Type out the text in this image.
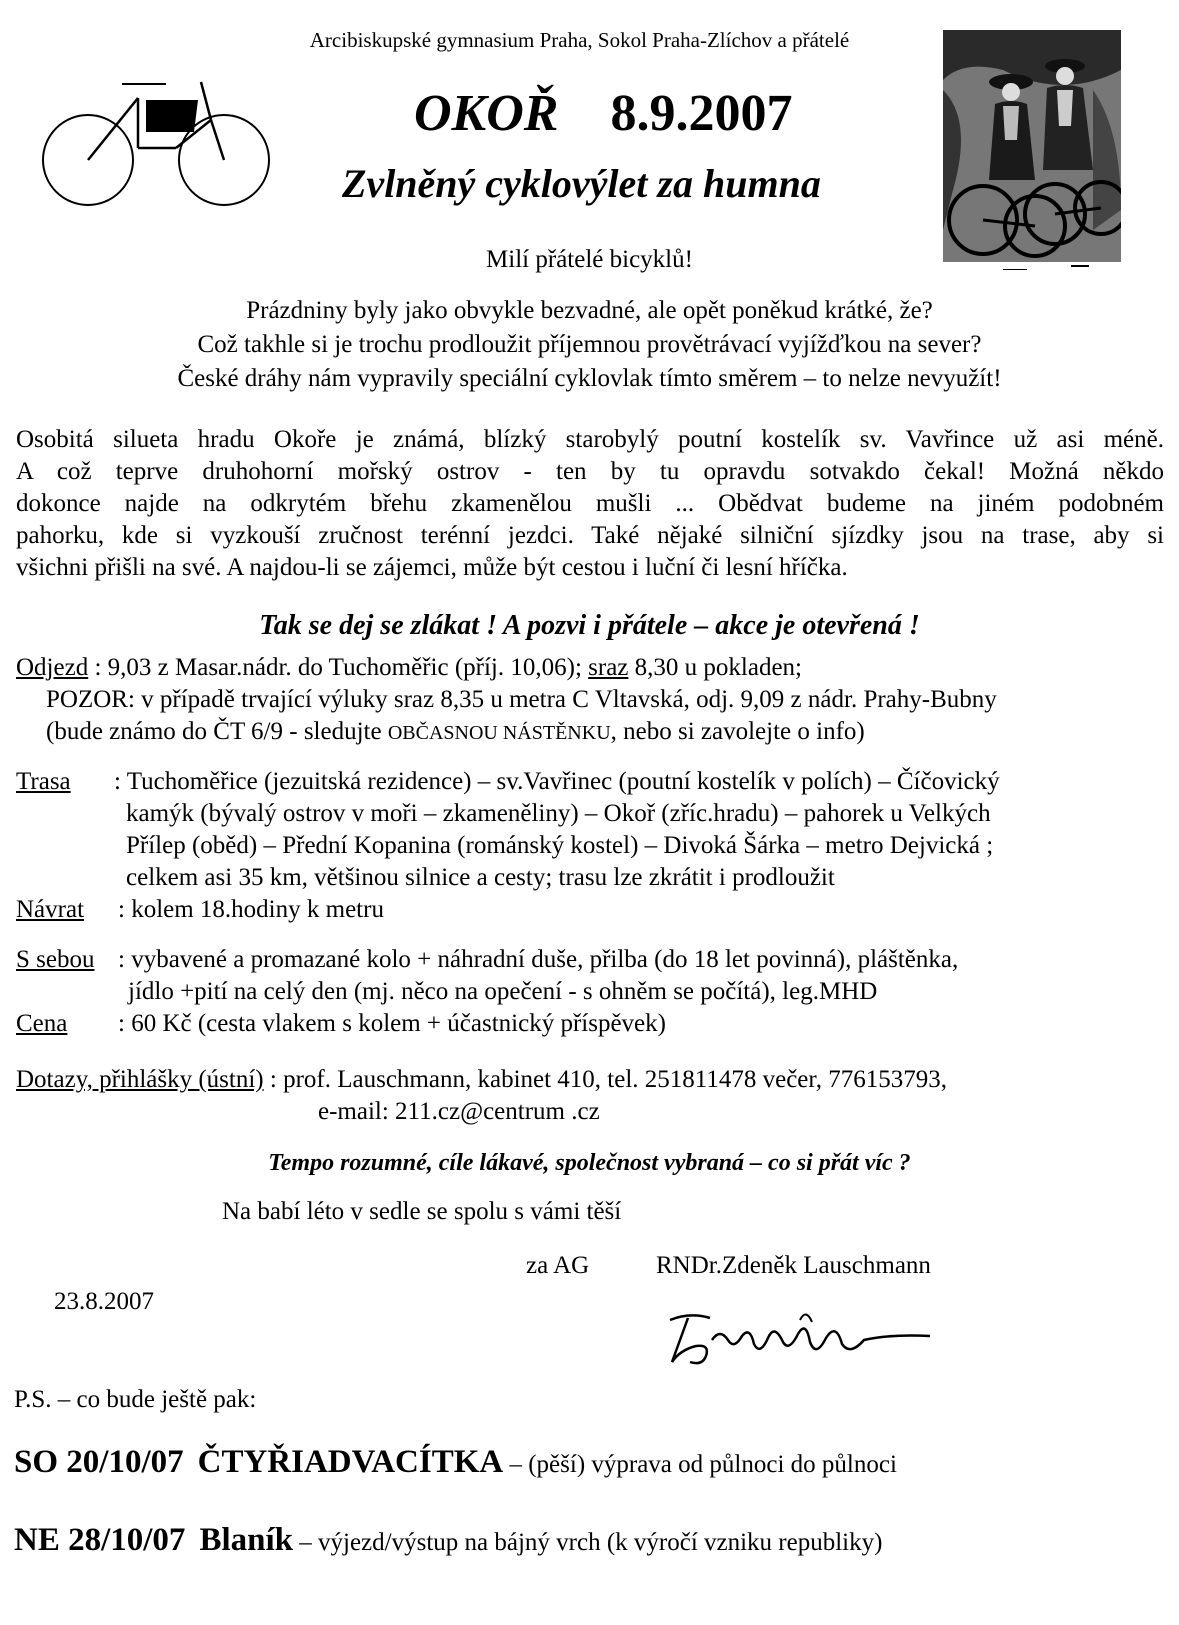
Arcibiskupské gymnasium Praha, Sokol Praha-Zlíchov a přátelé
OKOŘ 8.9.2007
Zvlněný cyklovýlet za humna
Milí přátelé bicyklů!
Prázdniny byly jako obvykle bezvadné, ale opět poněkud krátké, že?
Což takhle si je trochu prodloužit příjemnou provětrávací vyjížďkou na sever?
České dráhy nám vypravily speciální cyklovlak tímto směrem – to nelze nevyužít!
Osobitá silueta hradu Okoře je známá, blízký starobylý poutní kostelík sv. Vavřince už asi méně.
A což teprve druhohorní mořský ostrov - ten by tu opravdu sotvakdo čekal! Možná někdo
dokonce najde na odkrytém břehu zkamenělou mušli ... Obědvat budeme na jiném podobném
pahorku, kde si vyzkouší zručnost terénní jezdci. Také nějaké silniční sjízdky jsou na trase, aby si
všichni přišli na své. A najdou-li se zájemci, může být cestou i luční či lesní hříčka.
Tak se dej se zlákat ! A pozvi i přátele – akce je otevřená !
Odjezd : 9,03 z Masar.nádr. do Tuchoměřic (příj. 10,06); sraz 8,30 u pokladen;
POZOR: v případě trvající výluky sraz 8,35 u metra C Vltavská, odj. 9,09 z nádr. Prahy-Bubny
(bude známo do ČT 6/9 - sledujte OBČASNOU NÁSTĚNKU, nebo si zavolejte o info)
Trasa : Tuchoměřice (jezuitská rezidence) – sv.Vavřinec (poutní kostelík v polích) – Číčovický
kamýk (bývalý ostrov v moři – zkameněliny) – Okoř (zříc.hradu) – pahorek u Velkých
Přílep (oběd) – Přední Kopanina (románský kostel) – Divoká Šárka – metro Dejvická ;
celkem asi 35 km, většinou silnice a cesty; trasu lze zkrátit i prodloužit
Návrat : kolem 18.hodiny k metru
S sebou : vybavené a promazané kolo + náhradní duše, přilba (do 18 let povinná), pláštěnka,
jídlo +pití na celý den (mj. něco na opečení - s ohněm se počítá), leg.MHD
Cena : 60 Kč (cesta vlakem s kolem + účastnický příspěvek)
Dotazy, přihlášky (ústní) : prof. Lauschmann, kabinet 410, tel. 251811478 večer, 776153793,
e-mail: 211.cz@centrum .cz
Tempo rozumné, cíle lákavé, společnost vybraná – co si přát víc ?
Na babí léto v sedle se spolu s vámi těší
za AG	RNDr.Zdeněk Lauschmann
23.8.2007
P.S. – co bude ještě pak:
SO 20/10/07 ČTYŘIADVACÍTKA – (pěší) výprava od půlnoci do půlnoci
NE 28/10/07 Blaník – výjezd/výstup na bájný vrch (k výročí vzniku republiky)
